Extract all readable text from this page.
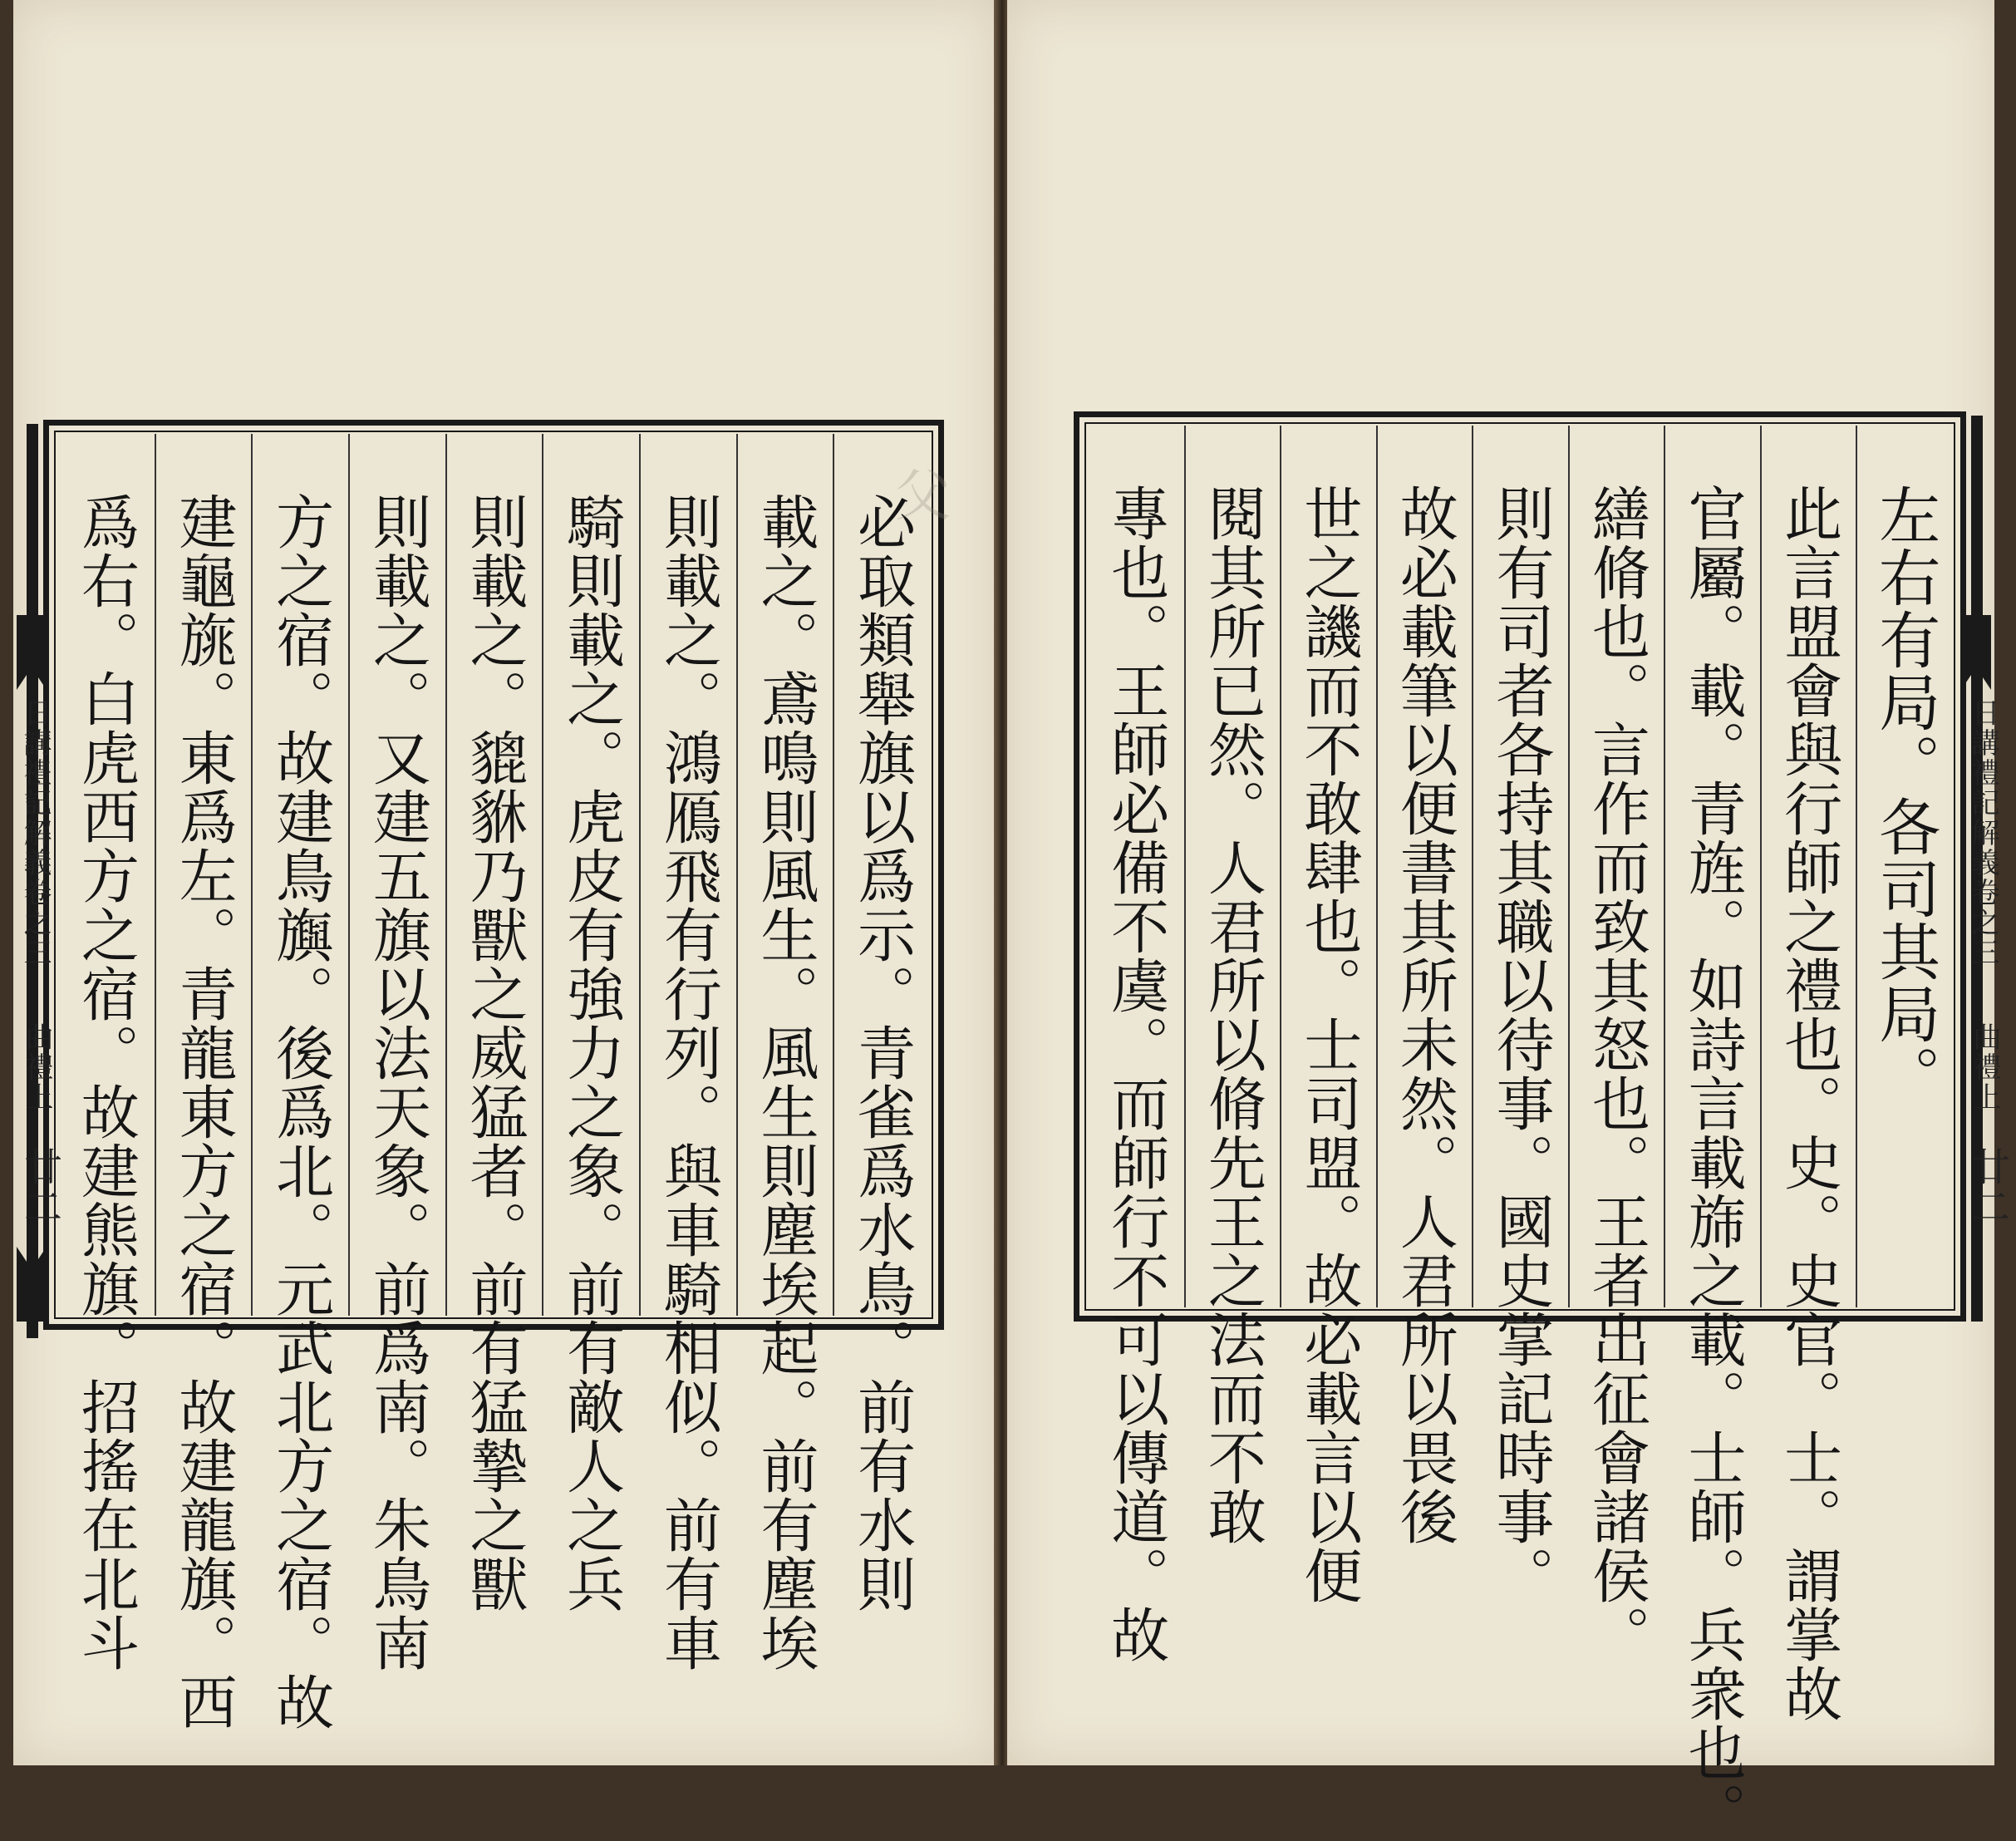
必取類舉旗以爲示。青雀爲水鳥。前有水則
載之。鳶鳴則風生。風生則塵埃起。前有塵埃
則載之。鴻鴈飛有行列。與車騎相似。前有車
騎則載之。虎皮有強力之象。前有敵人之兵
則載之。貔貅乃獸之威猛者。前有猛摯之獸
則載之。又建五旗以法天象。前爲南。朱鳥南
方之宿。故建鳥旟。後爲北。元武北方之宿。故
建龜旐。東爲左。青龍東方之宿。故建龍旗。西
爲右。白虎西方之宿。故建熊旗。招搖在北斗	父
日講禮記解義卷之三
曲禮上
廿二
左右有局。各司其局。
此言盟會與行師之禮也。史。史官。士。謂掌故
官屬。載。青旌。如詩言載旆之載。士師。兵衆也。
繕脩也。言作而致其怒也。王者出征會諸侯。
則有司者各持其職以待事。國史掌記時事。
故必載筆以便書其所未然。人君所以畏後
世之譏而不敢肆也。士司盟。故必載言以便
閱其所已然。人君所以脩先王之法而不敢
專也。王師必備不虞。而師行不可以傳道。故	日講禮記解義卷之三
曲禮上
廿二
